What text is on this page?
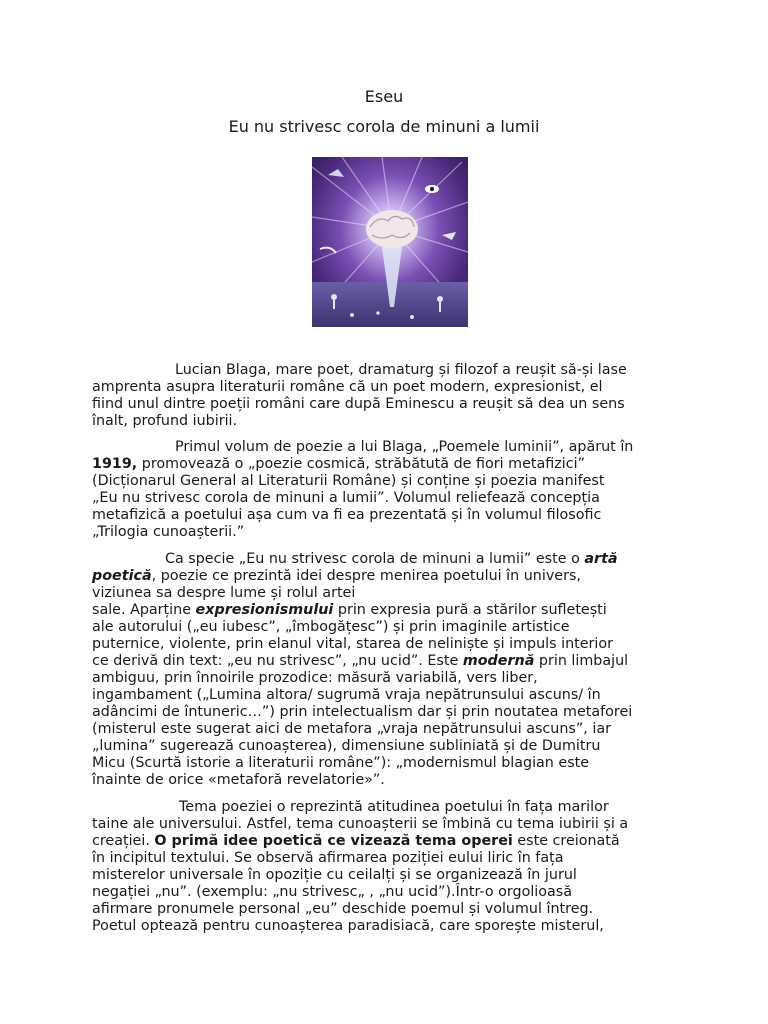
Eseu
Eu nu strivesc corola de minuni a lumii
Lucian Blaga, mare poet, dramaturg și filozof a reușit să-și lase
amprenta asupra literaturii române că un poet modern, expresionist, el
fiind unul dintre poeții români care după Eminescu a reușit să dea un sens
înalt, profund iubirii.
Primul volum de poezie a lui Blaga, „Poemele luminii”, apărut în
1919, promovează o „poezie cosmică, străbătută de fiori metafizici”
(Dicționarul General al Literaturii Române) și conține și poezia manifest
„Eu nu strivesc corola de minuni a lumii”. Volumul reliefează concepția
metafizică a poetului așa cum va fi ea prezentată și în volumul filosofic
„Trilogia cunoașterii.”
Ca specie „Eu nu strivesc corola de minuni a lumii” este o artă
poetică, poezie ce prezintă idei despre menirea poetului în univers,
viziunea sa despre lume și rolul artei
sale. Aparține expresionismului prin expresia pură a stărilor sufletești
ale autorului („eu iubesc”, „îmbogățesc”) și prin imaginile artistice
puternice, violente, prin elanul vital, starea de neliniște și impuls interior
ce derivă din text: „eu nu strivesc”, „nu ucid”. Este modernă prin limbajul
ambiguu, prin înnoirile prozodice: măsură variabilă, vers liber,
ingambament („Lumina altora/ sugrumă vraja nepătrunsului ascuns/ în
adâncimi de întuneric…”) prin intelectualism dar și prin noutatea metaforei
(misterul este sugerat aici de metafora „vraja nepătrunsului ascuns”, iar
„lumina” sugerează cunoașterea), dimensiune subliniată și de Dumitru
Micu (Scurtă istorie a literaturii române”): „modernismul blagian este
înainte de orice «metaforă revelatorie»”.
Tema poeziei o reprezintă atitudinea poetului în fața marilor
taine ale universului. Astfel, tema cunoașterii se îmbină cu tema iubirii și a
creației. O primă idee poetică ce vizează tema operei este creionată
în incipitul textului. Se observă afirmarea poziției eului liric în fața
misterelor universale în opoziție cu ceilalți și se organizează în jurul
negației „nu”. (exemplu: „nu strivesc„ , „nu ucid”).Într-o orgolioasă
afirmare pronumele personal „eu” deschide poemul și volumul întreg.
Poetul optează pentru cunoașterea paradisiacă, care sporește misterul,
